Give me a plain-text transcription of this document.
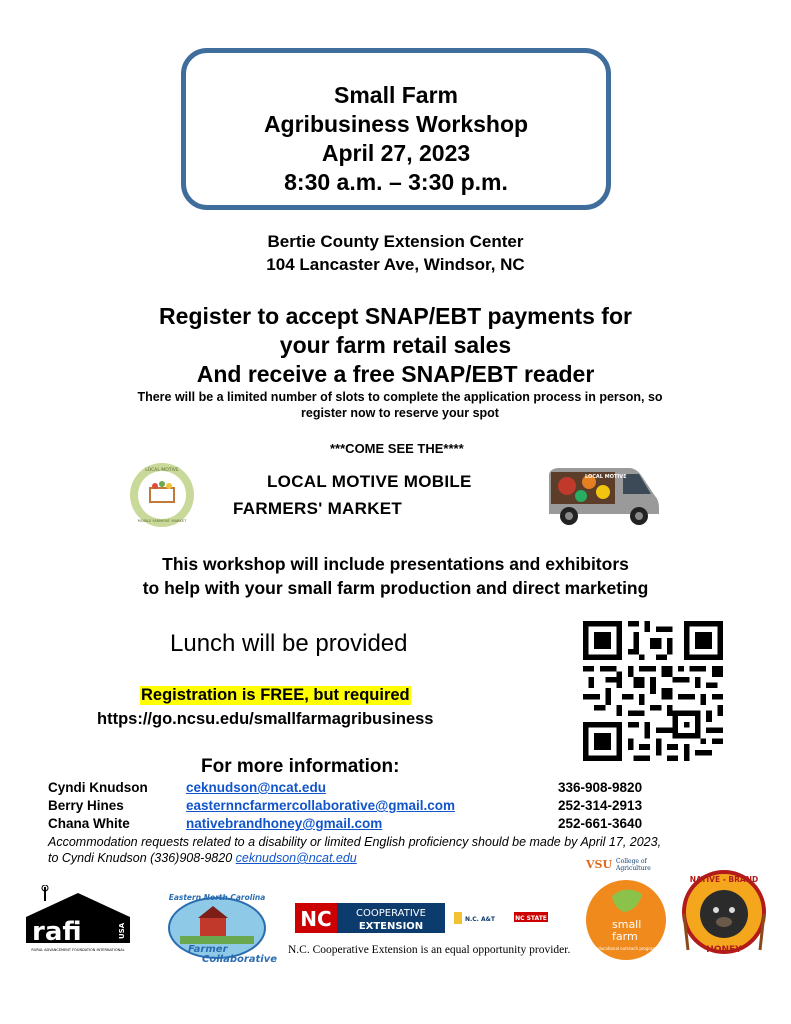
Small Farm
Agribusiness Workshop
April 27, 2023
8:30 a.m. – 3:30 p.m.
Bertie County Extension Center
104 Lancaster Ave, Windsor, NC
Register to accept SNAP/EBT payments for
your farm retail sales
And receive a free SNAP/EBT reader
There will be a limited number of slots to complete the application process in person, so
register now to reserve your spot
***COME SEE THE****
LOCAL MOTIVE
MOBILE FARMERS' MARKET
LOCAL MOTIVE MOBILE
FARMERS' MARKET
LOCAL MOTIVE
This workshop will include presentations and exhibitors
to help with your small farm production and direct marketing
Lunch will be provided
Registration is FREE, but required
https://go.ncsu.edu/smallfarmagribusiness
For more information:
Cyndi Knudson	ceknudson@ncat.edu	336-908-9820
Berry Hines	easternncfarmercollaborative@gmail.com	252-314-2913
Chana White	nativebrandhoney@gmail.com	252-661-3640
Accommodation requests related to a disability or limited English proficiency should be made by April 17, 2023,
to Cyndi Knudson (336)908-9820 ceknudson@ncat.edu
rafi	USA
RURAL ADVANCEMENT FOUNDATION INTERNATIONAL
Eastern North Carolina
Farmer
Collaborative
NC COOPERATIVE
EXTENSION
N.C. A&T	NC STATE
N.C. Cooperative Extension is an equal opportunity provider.
VSU College of
Agriculture
small
farm
educational outreach program
NATIVE - BRAND
HONEY
